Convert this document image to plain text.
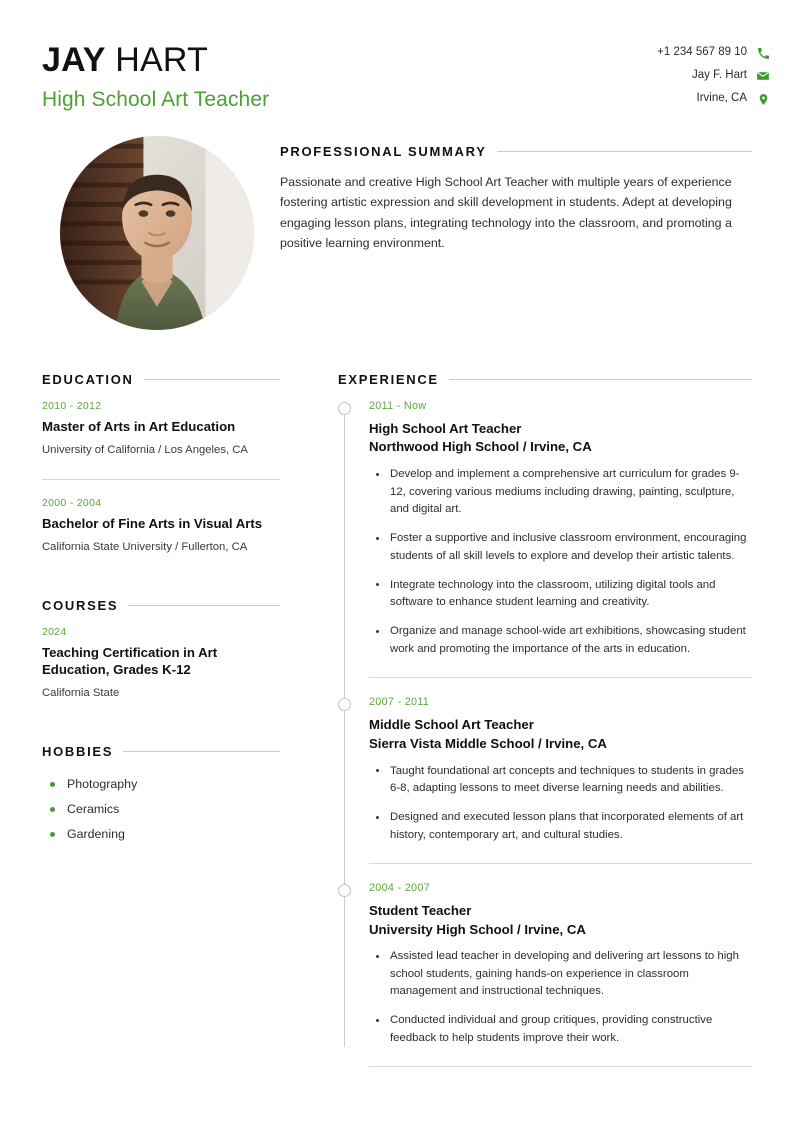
JAY HART
High School Art Teacher
+1 234 567 89 10
Jay F. Hart
Irvine, CA
PROFESSIONAL SUMMARY

Passionate and creative High School Art Teacher with multiple years of experience fostering artistic expression and skill development in students. Adept at developing engaging lesson plans, integrating technology into the classroom, and promoting a positive learning environment.

EDUCATION
2010 - 2012
Master of Arts in Art Education
University of California / Los Angeles, CA
2000 - 2004
Bachelor of Fine Arts in Visual Arts
California State University / Fullerton, CA
COURSES
2024
Teaching Certification in Art Education, Grades K-12
California State
HOBBIES
Photography
Ceramics
Gardening
EXPERIENCE
2011 - Now
High School Art Teacher
Northwood High School / Irvine, CA
Develop and implement a comprehensive art curriculum for grades 9-12, covering various mediums including drawing, painting, sculpture, and digital art.
Foster a supportive and inclusive classroom environment, encouraging students of all skill levels to explore and develop their artistic talents.
Integrate technology into the classroom, utilizing digital tools and software to enhance student learning and creativity.
Organize and manage school-wide art exhibitions, showcasing student work and promoting the importance of the arts in education.
2007 - 2011
Middle School Art Teacher
Sierra Vista Middle School / Irvine, CA
Taught foundational art concepts and techniques to students in grades 6-8, adapting lessons to meet diverse learning needs and abilities.
Designed and executed lesson plans that incorporated elements of art history, contemporary art, and cultural studies.
2004 - 2007
Student Teacher
University High School / Irvine, CA
Assisted lead teacher in developing and delivering art lessons to high school students, gaining hands-on experience in classroom management and instructional techniques.
Conducted individual and group critiques, providing constructive feedback to help students improve their work.
